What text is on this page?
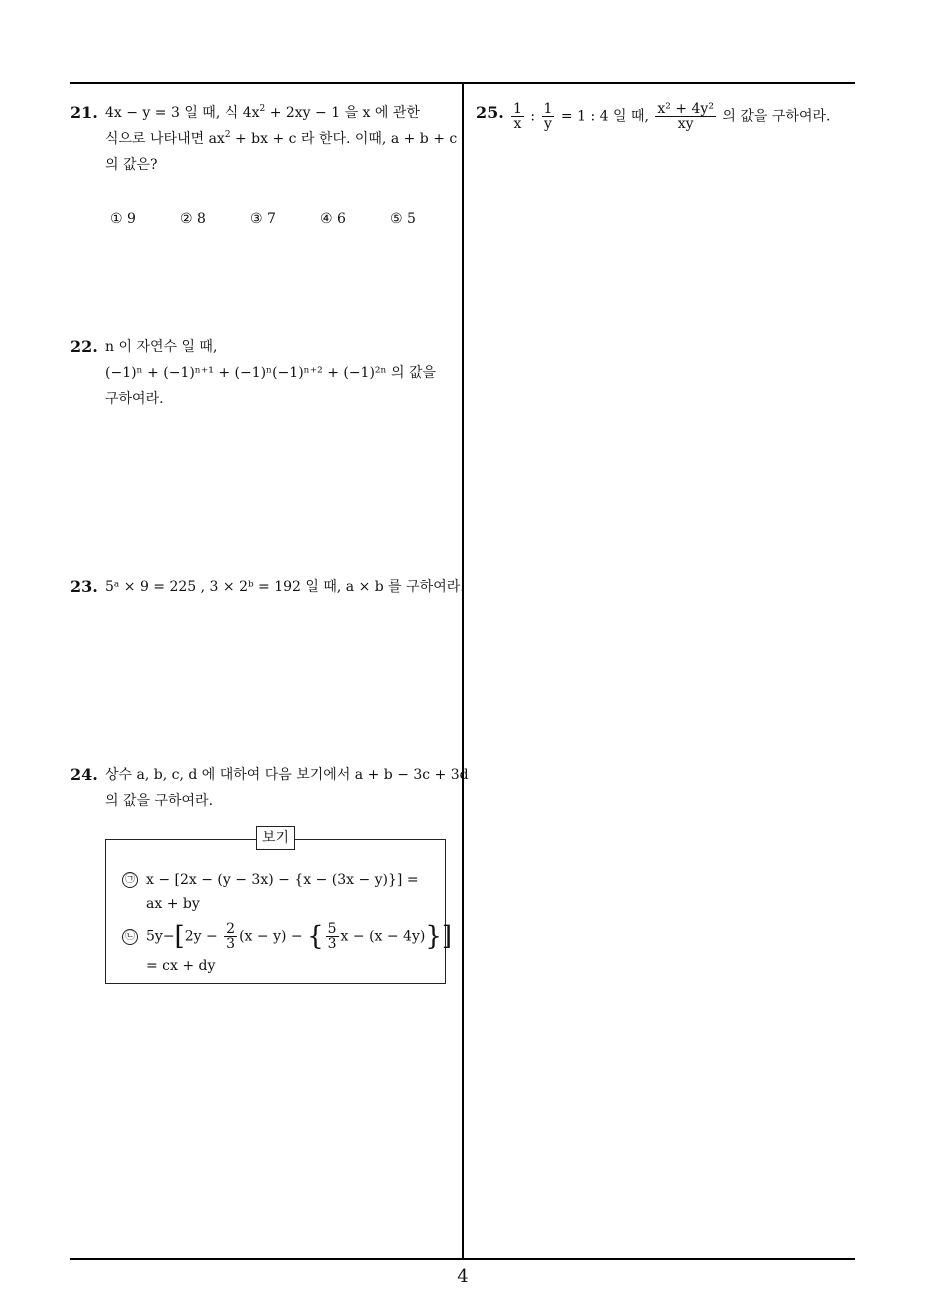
21. 4x − y = 3 일 때, 식 $4x^2 + 2xy - 1$ 을 x 에 관한
식으로 나타내면 $ax^2$ + bx + c 라 한다. 이때, a + b + c
의 값은?
① 9	② 8	③ 7	④ 6	⑤ 5
22. n 이 자연수 일 때,
(−1)ⁿ + (−1)ⁿ⁺¹ + (−1)ⁿ(−1)ⁿ⁺² + (−1)²ⁿ 의 값을
구하여라.
23. 5ᵃ × 9 = 225 , 3 × 2ᵇ = 192 일 때, a × b 를 구하여라.
24. 상수 a, b, c, d 에 대하여 다음 보기에서 a + b − 3c + 3d
의 값을 구하여라.
보기
㉠ x − [2x − (y − 3x) − {x − (3x − y)}] =
ax + by
㉡ $5y-[2y - \frac{2}{3} (x - y)$ − { $\frac{5}{3}$ x − (x − 4y)}]
= cx + dy
25. $\frac{1}{x}$ : $\frac{1}{y} = 1$ : 4 일 때, $\frac{\text{x² + 4y²}}{xy}$ 의 값을 구하여라.
4
